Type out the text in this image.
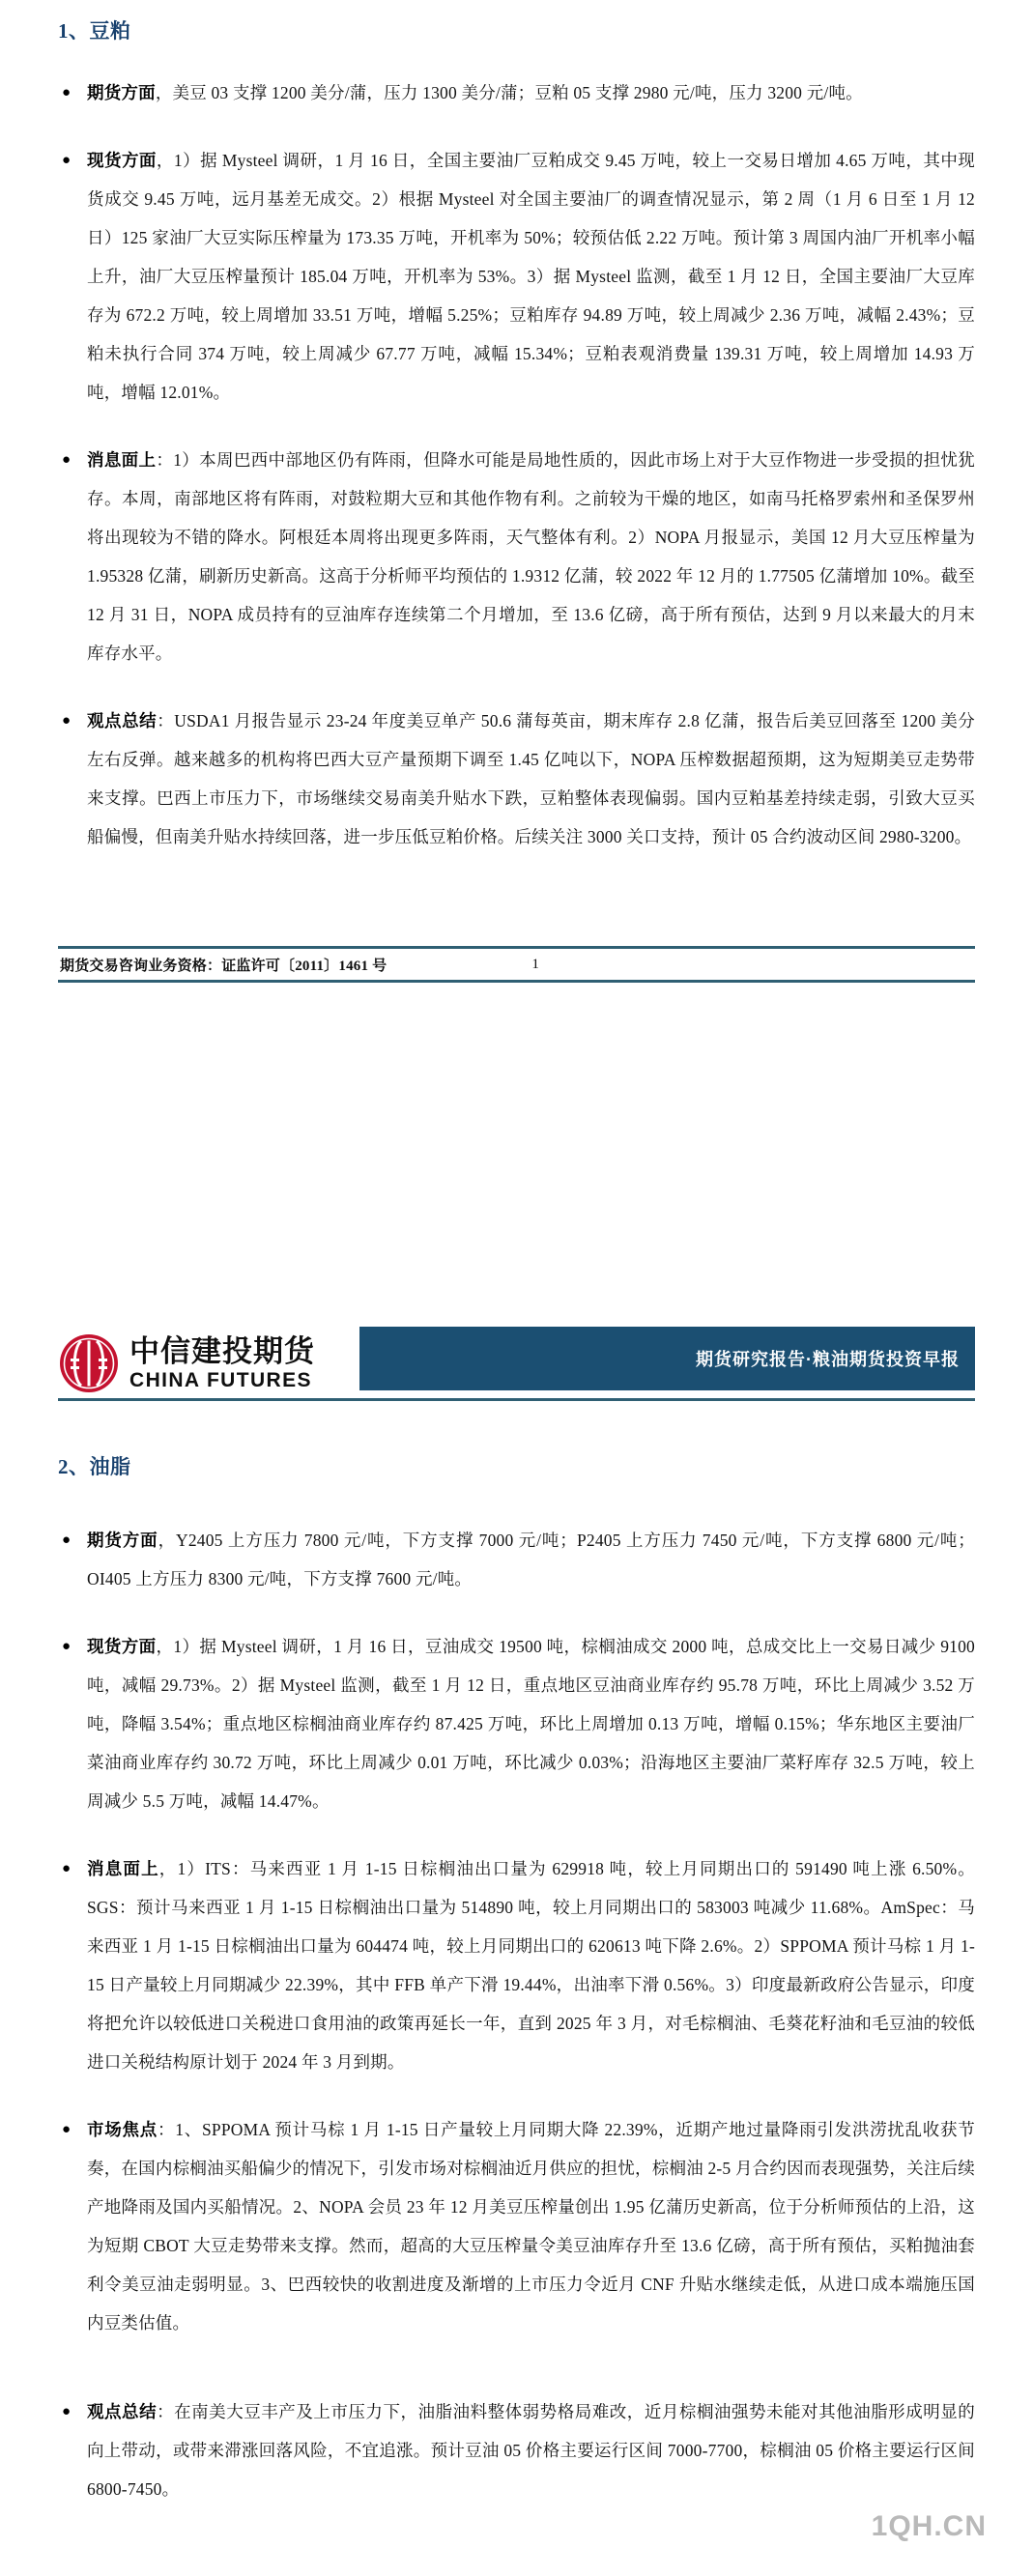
1、豆粕
● 期货方面，美豆 03 支撑 1200 美分/蒲，压力 1300 美分/蒲；豆粕 05 支撑 2980 元/吨，压力 3200 元/吨。
● 现货方面，1）据 Mysteel 调研，1 月 16 日，全国主要油厂豆粕成交 9.45 万吨，较上一交易日增加 4.65 万吨，其中现货成交 9.45 万吨，远月基差无成交。2）根据 Mysteel 对全国主要油厂的调查情况显示，第 2 周（1 月 6 日至 1 月 12 日）125 家油厂大豆实际压榨量为 173.35 万吨，开机率为 50%；较预估低 2.22 万吨。预计第 3 周国内油厂开机率小幅上升，油厂大豆压榨量预计 185.04 万吨，开机率为 53%。3）据 Mysteel 监测，截至 1 月 12 日，全国主要油厂大豆库存为 672.2 万吨，较上周增加 33.51 万吨，增幅 5.25%；豆粕库存 94.89 万吨，较上周减少 2.36 万吨，减幅 2.43%；豆粕未执行合同 374 万吨，较上周减少 67.77 万吨，减幅 15.34%；豆粕表观消费量 139.31 万吨，较上周增加 14.93 万吨，增幅 12.01%。
● 消息面上：1）本周巴西中部地区仍有阵雨，但降水可能是局地性质的，因此市场上对于大豆作物进一步受损的担忧犹存。本周，南部地区将有阵雨，对鼓粒期大豆和其他作物有利。之前较为干燥的地区，如南马托格罗索州和圣保罗州将出现较为不错的降水。阿根廷本周将出现更多阵雨，天气整体有利。2）NOPA 月报显示，美国 12 月大豆压榨量为 1.95328 亿蒲，刷新历史新高。这高于分析师平均预估的 1.9312 亿蒲，较 2022 年 12 月的 1.77505 亿蒲增加 10%。截至 12 月 31 日，NOPA 成员持有的豆油库存连续第二个月增加，至 13.6 亿磅，高于所有预估，达到 9 月以来最大的月末库存水平。
● 观点总结：USDA1 月报告显示 23-24 年度美豆单产 50.6 蒲每英亩，期末库存 2.8 亿蒲，报告后美豆回落至 1200 美分左右反弹。越来越多的机构将巴西大豆产量预期下调至 1.45 亿吨以下，NOPA 压榨数据超预期，这为短期美豆走势带来支撑。巴西上市压力下，市场继续交易南美升贴水下跌，豆粕整体表现偏弱。国内豆粕基差持续走弱，引致大豆买船偏慢，但南美升贴水持续回落，进一步压低豆粕价格。后续关注 3000 关口支持，预计 05 合约波动区间 2980-3200。
期货交易咨询业务资格：证监许可〔2011〕1461 号	1
中信建投期货
CHINA FUTURES
期货研究报告·粮油期货投资早报
2、油脂
● 期货方面，Y2405 上方压力 7800 元/吨，下方支撑 7000 元/吨；P2405 上方压力 7450 元/吨，下方支撑 6800 元/吨；OI405 上方压力 8300 元/吨，下方支撑 7600 元/吨。
● 现货方面，1）据 Mysteel 调研，1 月 16 日，豆油成交 19500 吨，棕榈油成交 2000 吨，总成交比上一交易日减少 9100 吨，减幅 29.73%。2）据 Mysteel 监测，截至 1 月 12 日，重点地区豆油商业库存约 95.78 万吨，环比上周减少 3.52 万吨，降幅 3.54%；重点地区棕榈油商业库存约 87.425 万吨，环比上周增加 0.13 万吨，增幅 0.15%；华东地区主要油厂菜油商业库存约 30.72 万吨，环比上周减少 0.01 万吨，环比减少 0.03%；沿海地区主要油厂菜籽库存 32.5 万吨，较上周减少 5.5 万吨，减幅 14.47%。
● 消息面上，1）ITS：马来西亚 1 月 1-15 日棕榈油出口量为 629918 吨，较上月同期出口的 591490 吨上涨 6.50%。SGS：预计马来西亚 1 月 1-15 日棕榈油出口量为 514890 吨，较上月同期出口的 583003 吨减少 11.68%。AmSpec：马来西亚 1 月 1-15 日棕榈油出口量为 604474 吨，较上月同期出口的 620613 吨下降 2.6%。2）SPPOMA 预计马棕 1 月 1-15 日产量较上月同期减少 22.39%，其中 FFB 单产下滑 19.44%，出油率下滑 0.56%。3）印度最新政府公告显示，印度将把允许以较低进口关税进口食用油的政策再延长一年，直到 2025 年 3 月，对毛棕榈油、毛葵花籽油和毛豆油的较低进口关税结构原计划于 2024 年 3 月到期。
● 市场焦点：1、SPPOMA 预计马棕 1 月 1-15 日产量较上月同期大降 22.39%，近期产地过量降雨引发洪涝扰乱收获节奏，在国内棕榈油买船偏少的情况下，引发市场对棕榈油近月供应的担忧，棕榈油 2-5 月合约因而表现强势，关注后续产地降雨及国内买船情况。2、NOPA 会员 23 年 12 月美豆压榨量创出 1.95 亿蒲历史新高，位于分析师预估的上沿，这为短期 CBOT 大豆走势带来支撑。然而，超高的大豆压榨量令美豆油库存升至 13.6 亿磅，高于所有预估，买粕抛油套利令美豆油走弱明显。3、巴西较快的收割进度及渐增的上市压力令近月 CNF 升贴水继续走低，从进口成本端施压国内豆类估值。
● 观点总结：在南美大豆丰产及上市压力下，油脂油料整体弱势格局难改，近月棕榈油强势未能对其他油脂形成明显的向上带动，或带来滞涨回落风险，不宜追涨。预计豆油 05 价格主要运行区间 7000-7700，棕榈油 05 价格主要运行区间 6800-7450。
1QH.CN
